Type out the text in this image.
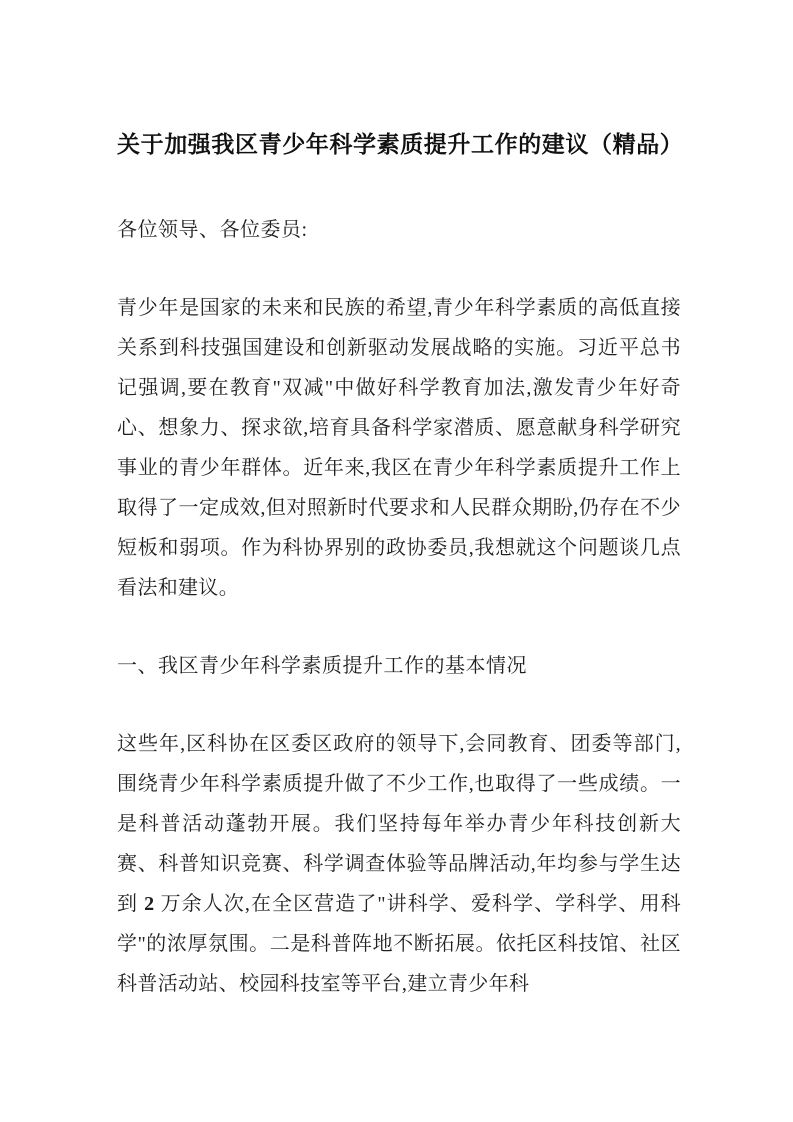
关于加强我区青少年科学素质提升工作的建议（精品）

各位领导、各位委员:

青少年是国家的未来和民族的希望,青少年科学素质的高低直接关系到科技强国建设和创新驱动发展战略的实施。习近平总书记强调,要在教育"双减"中做好科学教育加法,激发青少年好奇心、想象力、探求欲,培育具备科学家潜质、愿意献身科学研究事业的青少年群体。近年来,我区在青少年科学素质提升工作上取得了一定成效,但对照新时代要求和人民群众期盼,仍存在不少短板和弱项。作为科协界别的政协委员,我想就这个问题谈几点看法和建议。

一、我区青少年科学素质提升工作的基本情况

这些年,区科协在区委区政府的领导下,会同教育、团委等部门,围绕青少年科学素质提升做了不少工作,也取得了一些成绩。一是科普活动蓬勃开展。我们坚持每年举办青少年科技创新大赛、科普知识竞赛、科学调查体验等品牌活动,年均参与学生达到 2 万余人次,在全区营造了"讲科学、爱科学、学科学、用科学"的浓厚氛围。二是科普阵地不断拓展。依托区科技馆、社区科普活动站、校园科技室等平台,建立青少年科
